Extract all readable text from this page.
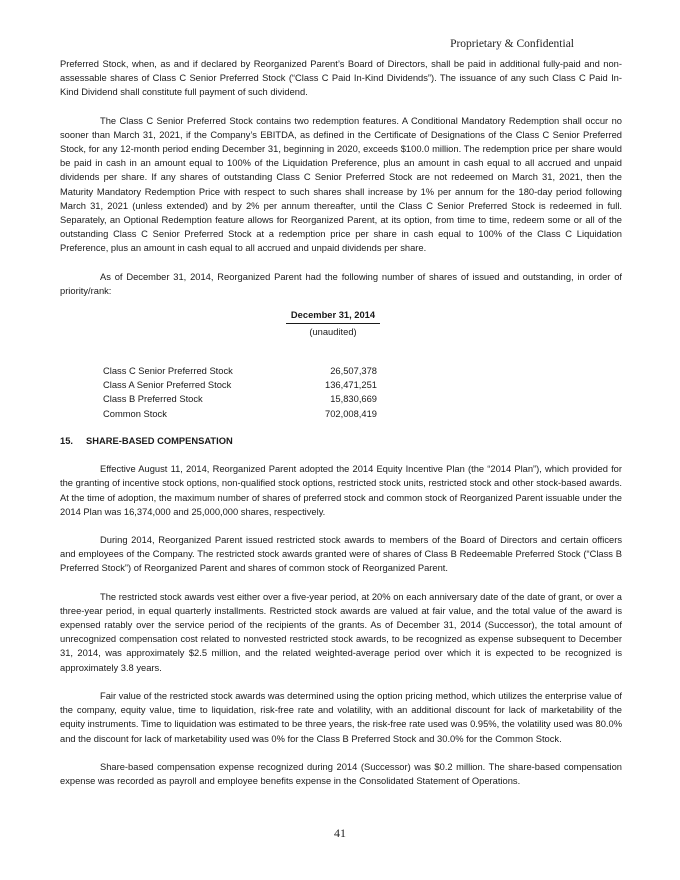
Proprietary & Confidential

Preferred Stock, when, as and if declared by Reorganized Parent’s Board of Directors, shall be paid in additional fully-paid and non-assessable shares of Class C Senior Preferred Stock (“Class C Paid In-Kind Dividends”). The issuance of any such Class C Paid In-Kind Dividend shall constitute full payment of such dividend.

The Class C Senior Preferred Stock contains two redemption features. A Conditional Mandatory Redemption shall occur no sooner than March 31, 2021, if the Company’s EBITDA, as defined in the Certificate of Designations of the Class C Senior Preferred Stock, for any 12-month period ending December 31, beginning in 2020, exceeds $100.0 million. The redemption price per share would be paid in cash in an amount equal to 100% of the Liquidation Preference, plus an amount in cash equal to all accrued and unpaid dividends per share. If any shares of outstanding Class C Senior Preferred Stock are not redeemed on March 31, 2021, then the Maturity Mandatory Redemption Price with respect to such shares shall increase by 1% per annum for the 180-day period following March 31, 2021 (unless extended) and by 2% per annum thereafter, until the Class C Senior Preferred Stock is redeemed in full. Separately, an Optional Redemption feature allows for Reorganized Parent, at its option, from time to time, redeem some or all of the outstanding Class C Senior Preferred Stock at a redemption price per share in cash equal to 100% of the Class C Liquidation Preference, plus an amount in cash equal to all accrued and unpaid dividends per share.

As of December 31, 2014, Reorganized Parent had the following number of shares of issued and outstanding, in order of priority/rank:

December 31, 2014
(unaudited)
Class C Senior Preferred Stock	26,507,378
Class A Senior Preferred Stock	136,471,251
Class B Preferred Stock	15,830,669
Common Stock	702,008,419

15. SHARE-BASED COMPENSATION

Effective August 11, 2014, Reorganized Parent adopted the 2014 Equity Incentive Plan (the “2014 Plan”), which provided for the granting of incentive stock options, non-qualified stock options, restricted stock units, restricted stock and other stock-based awards. At the time of adoption, the maximum number of shares of preferred stock and common stock of Reorganized Parent issuable under the 2014 Plan was 16,374,000 and 25,000,000 shares, respectively.

During 2014, Reorganized Parent issued restricted stock awards to members of the Board of Directors and certain officers and employees of the Company. The restricted stock awards granted were of shares of Class B Redeemable Preferred Stock (“Class B Preferred Stock”) of Reorganized Parent and shares of common stock of Reorganized Parent.

The restricted stock awards vest either over a five-year period, at 20% on each anniversary date of the date of grant, or over a three-year period, in equal quarterly installments. Restricted stock awards are valued at fair value, and the total value of the award is expensed ratably over the service period of the recipients of the grants. As of December 31, 2014 (Successor), the total amount of unrecognized compensation cost related to nonvested restricted stock awards, to be recognized as expense subsequent to December 31, 2014, was approximately $2.5 million, and the related weighted-average period over which it is expected to be recognized is approximately 3.8 years.

Fair value of the restricted stock awards was determined using the option pricing method, which utilizes the enterprise value of the company, equity value, time to liquidation, risk-free rate and volatility, with an additional discount for lack of marketability of the equity instruments. Time to liquidation was estimated to be three years, the risk-free rate used was 0.95%, the volatility used was 80.0% and the discount for lack of marketability used was 0% for the Class B Preferred Stock and 30.0% for the Common Stock.

Share-based compensation expense recognized during 2014 (Successor) was $0.2 million. The share-based compensation expense was recorded as payroll and employee benefits expense in the Consolidated Statement of Operations.

41
